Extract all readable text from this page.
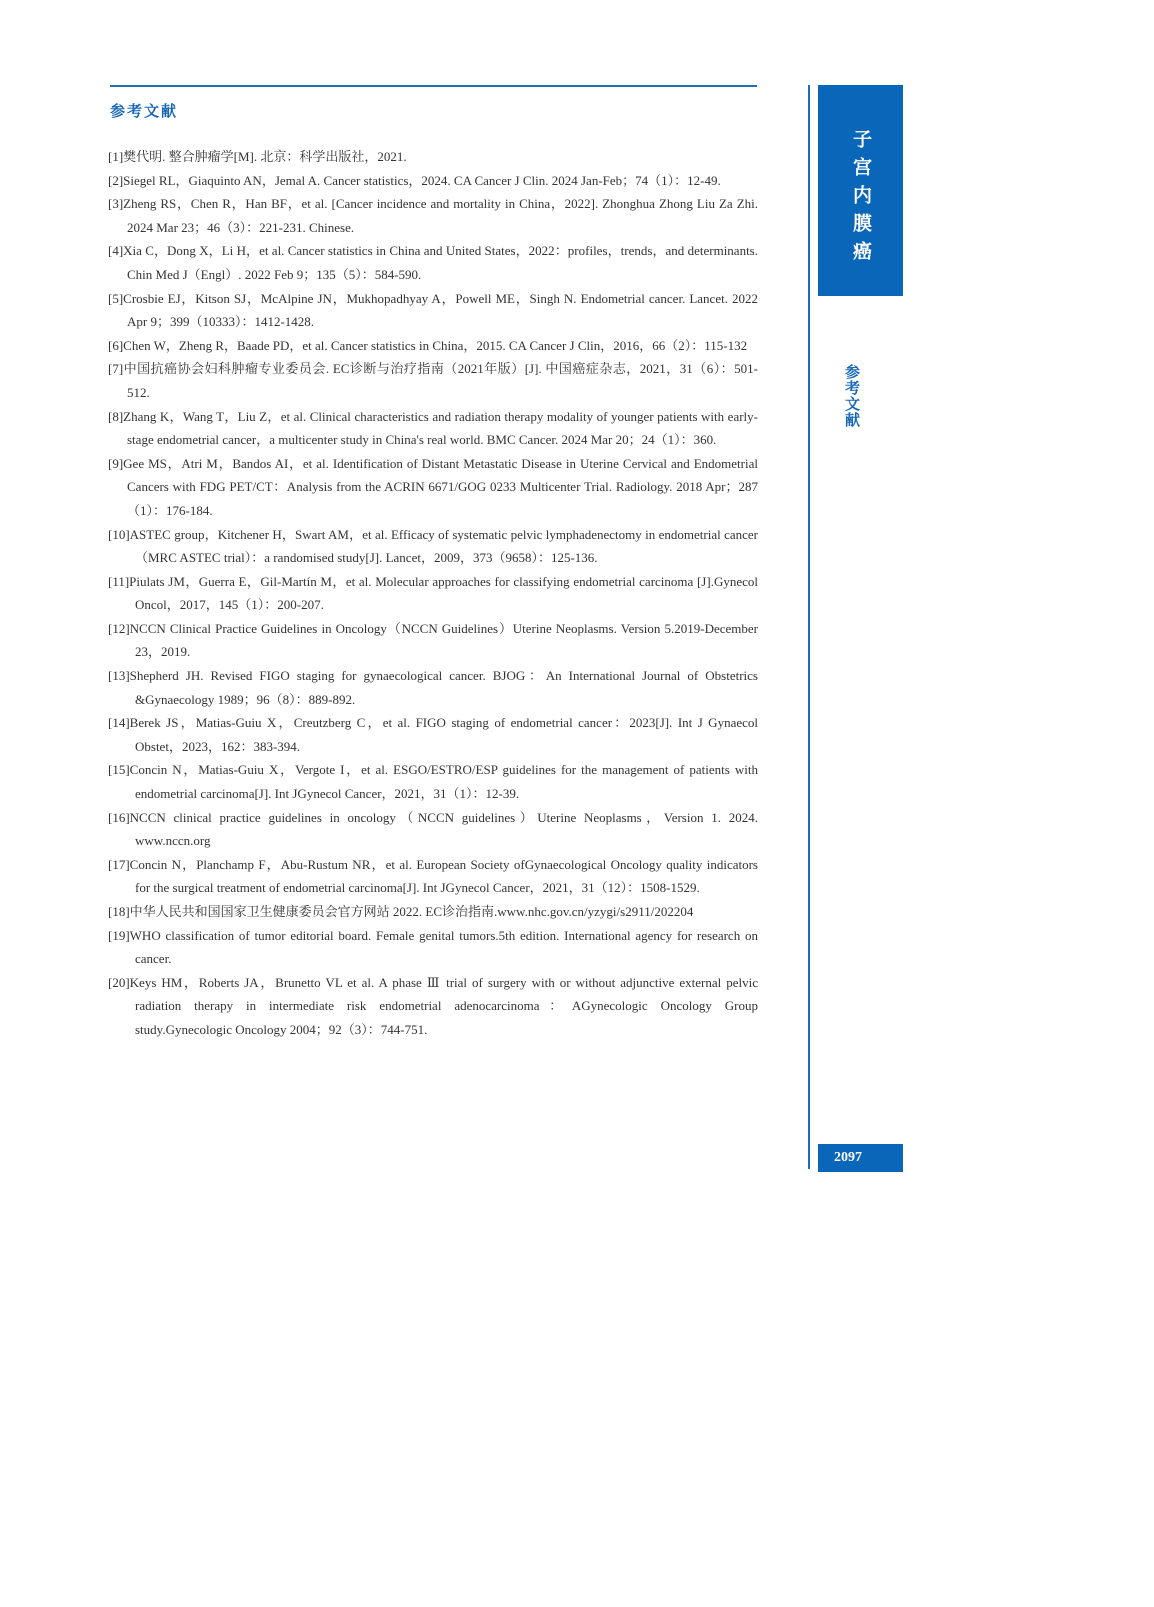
参考文献
[1]樊代明. 整合肿瘤学[M]. 北京：科学出版社，2021.
[2]Siegel RL，Giaquinto AN，Jemal A. Cancer statistics，2024. CA Cancer J Clin. 2024 Jan-Feb；74（1）：12-49.
[3]Zheng RS，Chen R，Han BF，et al. [Cancer incidence and mortality in China，2022]. Zhonghua Zhong Liu Za Zhi. 2024 Mar 23；46（3）：221-231. Chinese.
[4]Xia C，Dong X，Li H，et al. Cancer statistics in China and United States，2022：profiles，trends，and determinants. Chin Med J（Engl）. 2022 Feb 9；135（5）：584-590.
[5]Crosbie EJ，Kitson SJ，McAlpine JN，Mukhopadhyay A，Powell ME，Singh N. Endometrial cancer. Lancet. 2022 Apr 9；399（10333）：1412-1428.
[6]Chen W，Zheng R，Baade PD，et al. Cancer statistics in China，2015. CA Cancer J Clin，2016，66（2）：115-132
[7]中国抗癌协会妇科肿瘤专业委员会. EC诊断与治疗指南（2021年版）[J]. 中国癌症杂志，2021，31（6）：501-512.
[8]Zhang K，Wang T，Liu Z，et al. Clinical characteristics and radiation therapy modality of younger patients with early-stage endometrial cancer，a multicenter study in China's real world. BMC Cancer. 2024 Mar 20；24（1）：360.
[9]Gee MS，Atri M，Bandos AI，et al. Identification of Distant Metastatic Disease in Uterine Cervical and Endometrial Cancers with FDG PET/CT：Analysis from the ACRIN 6671/GOG 0233 Multicenter Trial. Radiology. 2018 Apr；287（1）：176-184.
[10]ASTEC group，Kitchener H，Swart AM，et al. Efficacy of systematic pelvic lymphadenectomy in endometrial cancer（MRC ASTEC trial）：a randomised study[J]. Lancet，2009，373（9658）：125-136.
[11]Piulats JM，Guerra E，Gil-Martín M，et al. Molecular approaches for classifying endometrial carcinoma [J].Gynecol Oncol，2017，145（1）：200-207.
[12]NCCN Clinical Practice Guidelines in Oncology（NCCN Guidelines）Uterine Neoplasms. Version 5.2019-December 23，2019.
[13]Shepherd JH. Revised FIGO staging for gynaecological cancer. BJOG：An International Journal of Obstetrics &Gynaecology 1989；96（8）：889-892.
[14]Berek JS，Matias-Guiu X，Creutzberg C，et al. FIGO staging of endometrial cancer：2023[J]. Int J Gynaecol Obstet，2023，162：383-394.
[15]Concin N，Matias-Guiu X，Vergote I，et al. ESGO/ESTRO/ESP guidelines for the management of patients with endometrial carcinoma[J]. Int JGynecol Cancer，2021，31（1）：12-39.
[16]NCCN clinical practice guidelines in oncology（NCCN guidelines）Uterine Neoplasms，Version 1. 2024. www.nccn.org
[17]Concin N，Planchamp F，Abu-Rustum NR，et al. European Society ofGynaecological Oncology quality indicators for the surgical treatment of endometrial carcinoma[J]. Int JGynecol Cancer，2021，31（12）：1508-1529.
[18]中华人民共和国国家卫生健康委员会官方网站 2022. EC诊治指南.www.nhc.gov.cn/yzygi/s2911/202204
[19]WHO classification of tumor editorial board. Female genital tumors.5th edition. International agency for research on cancer.
[20]Keys HM，Roberts JA，Brunetto VL et al. A phase Ⅲ trial of surgery with or without adjunctive external pelvic radiation therapy in intermediate risk endometrial adenocarcinoma：AGynecologic Oncology Group study.Gynecologic Oncology 2004；92（3）：744-751.
子宫内膜癌
参考文献
2097
